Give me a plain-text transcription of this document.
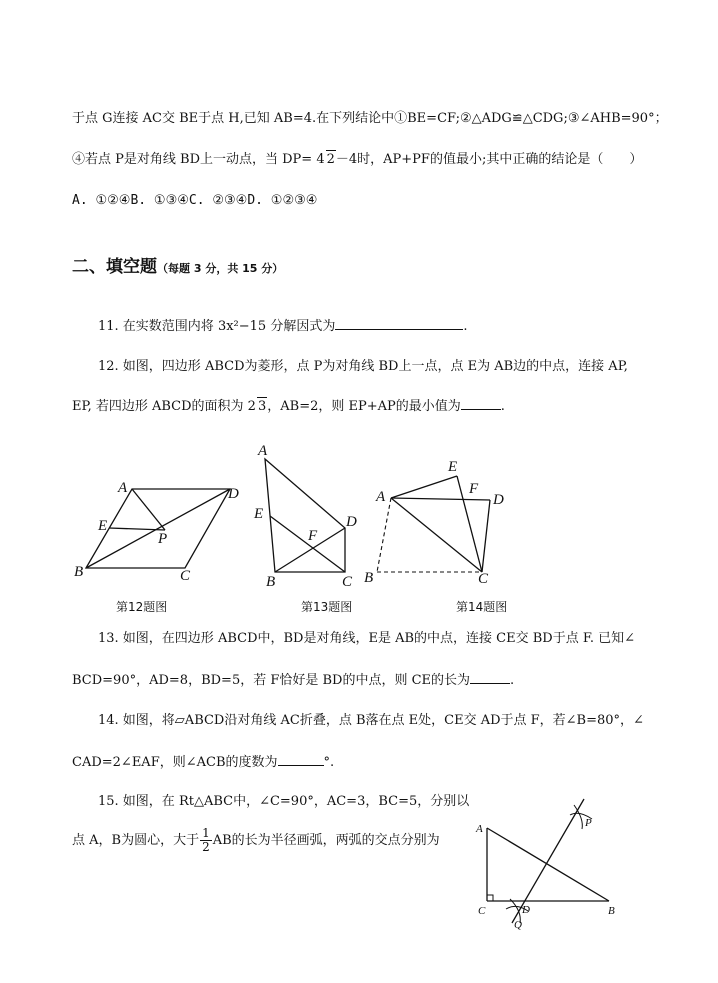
于点 G连接 AC交 BE于点 H,已知 AB=4.在下列结论中①BE=CF;②△ADG≌△CDG;③∠AHB=90°；
④若点 P是对角线 BD上一动点，当 DP= 4 2－4时，AP+PF的值最小;其中正确的结论是（　　）
A. ①②④B. ①③④C. ②③④D. ①②③④
二、填空题（每题 3 分，共 15 分）
11. 在实数范围内将 3x²−15 分解因式为	.
12. 如图，四边形 ABCD为菱形，点 P为对角线 BD上一点，点 E为 AB边的中点，连接 AP,
EP, 若四边形 ABCD的面积为 2 3，AB=2，则 EP+AP的最小值为	.
A	D
E
P
B	C
第12题图
A
E	D
F
B	C
第13题图
E
A	F
D
B	C
第14题图
13. 如图，在四边形 ABCD中，BD是对角线，E是 AB的中点，连接 CE交 BD于点 F. 已知∠
BCD=90°，AD=8，BD=5，若 F恰好是 BD的中点，则 CE的长为	.
14. 如图，将▱ABCD沿对角线 AC折叠，点 B落在点 E处，CE交 AD于点 F，若∠B=80°，∠
CAD=2∠EAF，则∠ACB的度数为	°.
15. 如图，在 Rt△ABC中，∠C=90°，AC=3，BC=5，分别以
点 A，B为圆心，大于 $\frac{1}{2}$ AB的长为半径画弧，两弧的交点分别为
A	P
C	D	B
Q
